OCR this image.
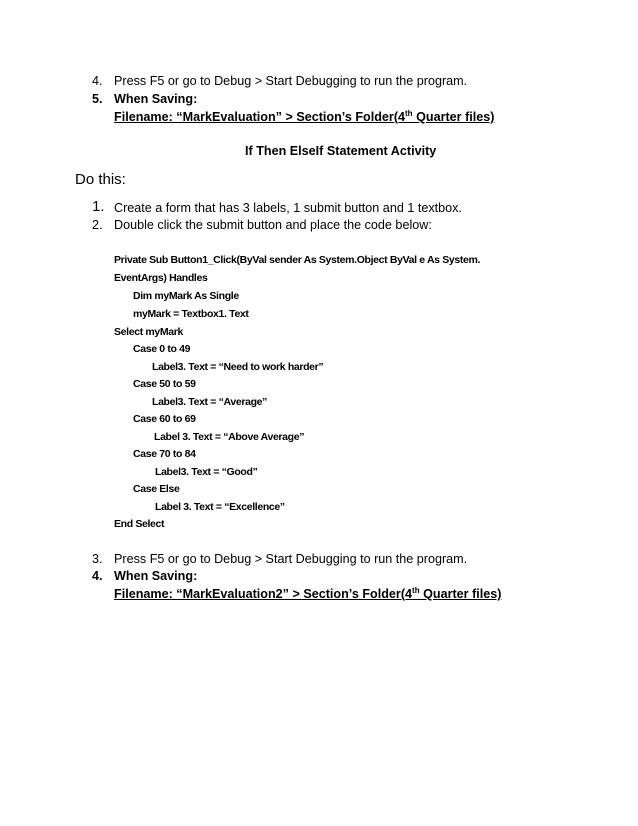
4. Press F5 or go to Debug > Start Debugging to run the program.
5. When Saving:
Filename: “MarkEvaluation” > Section’s Folder(4th Quarter files)
If Then ElseIf Statement Activity
Do this:
1. Create a form that has 3 labels, 1 submit button and 1 textbox.
2. Double click the submit button and place the code below:
Private Sub Button1_Click(ByVal sender As System.Object ByVal e As System.
EventArgs) Handles
Dim myMark As Single
myMark = Textbox1. Text
Select myMark
Case 0 to 49
Label3. Text = “Need to work harder”
Case 50 to 59
Label3. Text = “Average”
Case 60 to 69
Label 3. Text = “Above Average”
Case 70 to 84
Label3. Text = “Good”
Case Else
Label 3. Text = “Excellence”
End Select
3. Press F5 or go to Debug > Start Debugging to run the program.
4. When Saving:
Filename: “MarkEvaluation2” > Section’s Folder(4th Quarter files)
